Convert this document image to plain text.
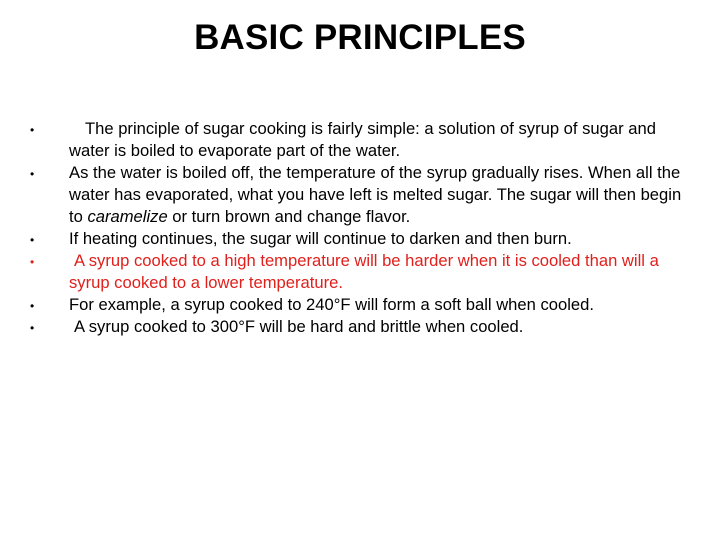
BASIC PRINCIPLES
•	The principle of sugar cooking is fairly simple: a solution of syrup of sugar and water is boiled to evaporate part of the water.
• As the water is boiled off, the temperature of the syrup gradually rises. When all the water has evaporated, what you have left is melted sugar. The sugar will then begin to caramelize or turn brown and change flavor.
• If heating continues, the sugar will continue to darken and then burn.
• A syrup cooked to a high temperature will be harder when it is cooled than will a syrup cooked to a lower temperature.
• For example, a syrup cooked to 240°F will form a soft ball when cooled.
• A syrup cooked to 300°F will be hard and brittle when cooled.
